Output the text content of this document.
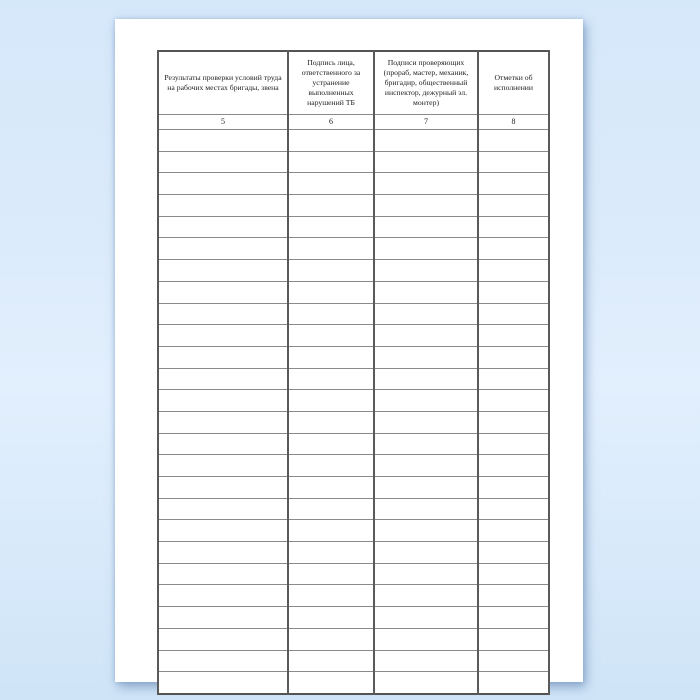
Результаты проверки условий труда на рабочих местах бригады, звена	Подпись лица, ответственного за устранение выполненных нарушений ТБ	Подписи проверяющих (прораб, мастер, механик, бригадир, общественный инспектор, дежурный эл. монтер)	Отметки об исполнении
5	6	7	8
